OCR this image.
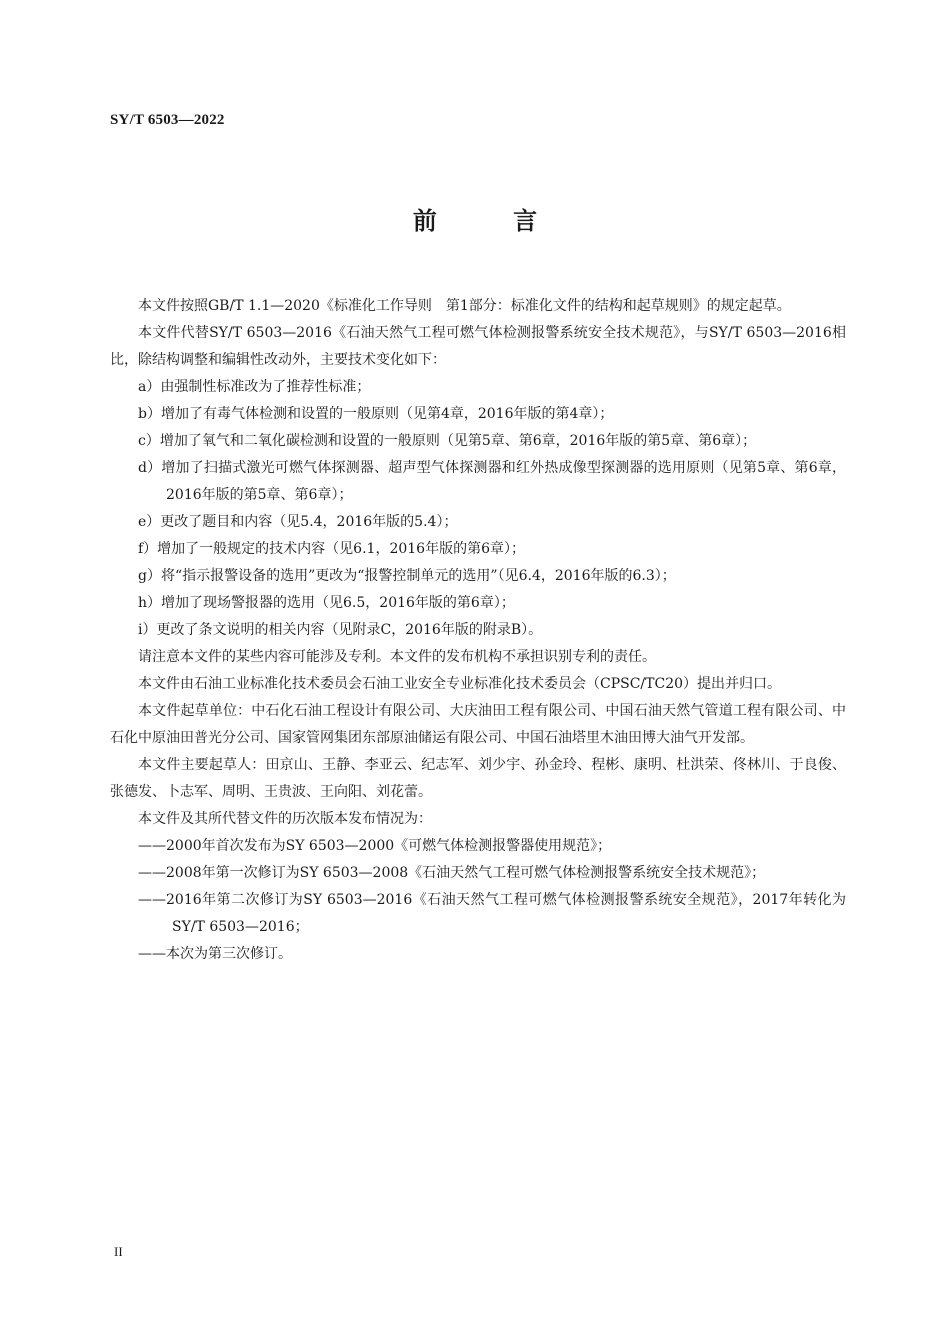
SY/T 6503—2022
前 言

本文件按照GB/T 1.1—2020《标准化工作导则　第1部分：标准化文件的结构和起草规则》的规定起草。

本文件代替SY/T 6503—2016《石油天然气工程可燃气体检测报警系统安全技术规范》，与SY/T 6503—2016相比，除结构调整和编辑性改动外，主要技术变化如下：

a）由强制性标准改为了推荐性标准；

b）增加了有毒气体检测和设置的一般原则（见第4章，2016年版的第4章）；

c）增加了氧气和二氧化碳检测和设置的一般原则（见第5章、第6章，2016年版的第5章、第6章）；

d）增加了扫描式激光可燃气体探测器、超声型气体探测器和红外热成像型探测器的选用原则（见第5章、第6章，2016年版的第5章、第6章）；

e）更改了题目和内容（见5.4，2016年版的5.4）；

f）增加了一般规定的技术内容（见6.1，2016年版的第6章）；

g）将“指示报警设备的选用”更改为“报警控制单元的选用”（见6.4，2016年版的6.3）；

h）增加了现场警报器的选用（见6.5，2016年版的第6章）；

i）更改了条文说明的相关内容（见附录C，2016年版的附录B）。

请注意本文件的某些内容可能涉及专利。本文件的发布机构不承担识别专利的责任。

本文件由石油工业标准化技术委员会石油工业安全专业标准化技术委员会（CPSC/TC20）提出并归口。

本文件起草单位：中石化石油工程设计有限公司、大庆油田工程有限公司、中国石油天然气管道工程有限公司、中石化中原油田普光分公司、国家管网集团东部原油储运有限公司、中国石油塔里木油田博大油气开发部。

本文件主要起草人：田京山、王静、李亚云、纪志军、刘少宇、孙金玲、程彬、康明、杜洪荣、佟林川、于良俊、张德发、卜志军、周明、王贵波、王向阳、刘花蕾。

本文件及其所代替文件的历次版本发布情况为：

——2000年首次发布为SY 6503—2000《可燃气体检测报警器使用规范》；

——2008年第一次修订为SY 6503—2008《石油天然气工程可燃气体检测报警系统安全技术规范》；

——2016年第二次修订为SY 6503—2016《石油天然气工程可燃气体检测报警系统安全规范》，2017年转化为SY/T 6503—2016；

——本次为第三次修订。

II
